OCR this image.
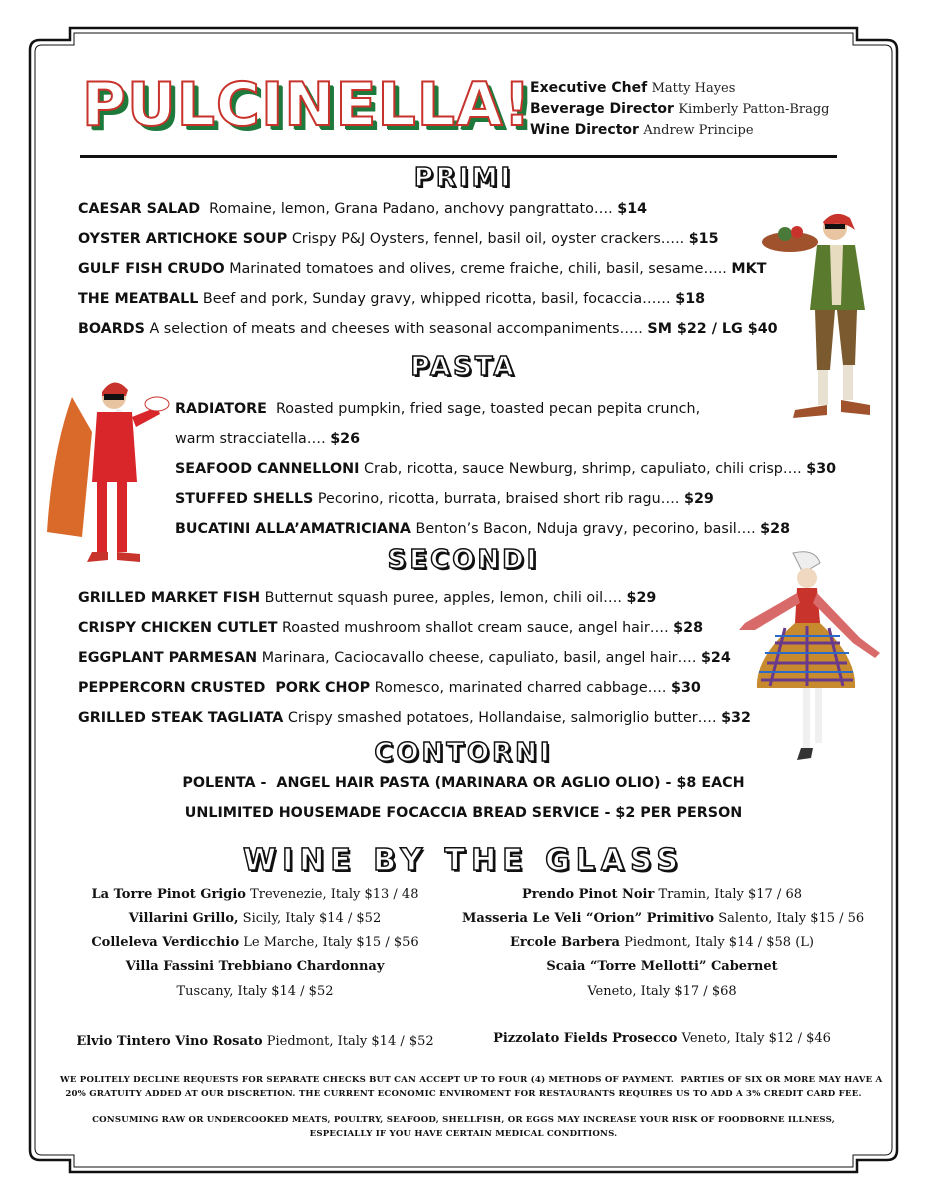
PULCINELLA!
Executive Chef Matty Hayes
Beverage Director Kimberly Patton-Bragg
Wine Director Andrew Principe
PRIMI
CAESAR SALAD Romaine, lemon, Grana Padano, anchovy pangrattato…. $14
OYSTER ARTICHOKE SOUP Crispy P&J Oysters, fennel, basil oil, oyster crackers….. $15
GULF FISH CRUDO Marinated tomatoes and olives, creme fraiche, chili, basil, sesame….. MKT
THE MEATBALL Beef and pork, Sunday gravy, whipped ricotta, basil, focaccia…… $18
BOARDS A selection of meats and cheeses with seasonal accompaniments….. SM $22 / LG $40
PASTA
RADIATORE Roasted pumpkin, fried sage, toasted pecan pepita crunch,
warm stracciatella…. $26
SEAFOOD CANNELLONI Crab, ricotta, sauce Newburg, shrimp, capuliato, chili crisp…. $30
STUFFED SHELLS Pecorino, ricotta, burrata, braised short rib ragu…. $29
BUCATINI ALLA’AMATRICIANA Benton’s Bacon, Nduja gravy, pecorino, basil…. $28
SECONDI
GRILLED MARKET FISH Butternut squash puree, apples, lemon, chili oil…. $29
CRISPY CHICKEN CUTLET Roasted mushroom shallot cream sauce, angel hair…. $28
EGGPLANT PARMESAN Marinara, Caciocavallo cheese, capuliato, basil, angel hair…. $24
PEPPERCORN CRUSTED  PORK CHOP Romesco, marinated charred cabbage…. $30
GRILLED STEAK TAGLIATA Crispy smashed potatoes, Hollandaise, salmoriglio butter…. $32
CONTORNI
POLENTA -  ANGEL HAIR PASTA (MARINARA OR AGLIO OLIO) - $8 EACH
UNLIMITED HOUSEMADE FOCACCIA BREAD SERVICE - $2 PER PERSON
WINE BY THE GLASS
La Torre Pinot Grigio Trevenezie, Italy $13 / 48
Villarini Grillo, Sicily, Italy $14 / $52
Colleleva Verdicchio Le Marche, Italy $15 / $56
Villa Fassini Trebbiano Chardonnay
Tuscany, Italy $14 / $52
Elvio Tintero Vino Rosato Piedmont, Italy $14 / $52
Prendo Pinot Noir Tramin, Italy $17 / 68
Masseria Le Veli “Orion” Primitivo Salento, Italy $15 / 56
Ercole Barbera Piedmont, Italy $14 / $58 (L)
Scaia “Torre Mellotti” Cabernet
Veneto, Italy $17 / $68
Pizzolato Fields Prosecco Veneto, Italy $12 / $46
WE POLITELY DECLINE REQUESTS FOR SEPARATE CHECKS BUT CAN ACCEPT UP TO FOUR (4) METHODS OF PAYMENT.  PARTIES OF SIX OR MORE MAY HAVE A
20% GRATUITY ADDED AT OUR DISCRETION. THE CURRENT ECONOMIC ENVIROMENT FOR RESTAURANTS REQUIRES US TO ADD A 3% CREDIT CARD FEE.
CONSUMING RAW OR UNDERCOOKED MEATS, POULTRY, SEAFOOD, SHELLFISH, OR EGGS MAY INCREASE YOUR RISK OF FOODBORNE ILLNESS,
ESPECIALLY IF YOU HAVE CERTAIN MEDICAL CONDITIONS.
